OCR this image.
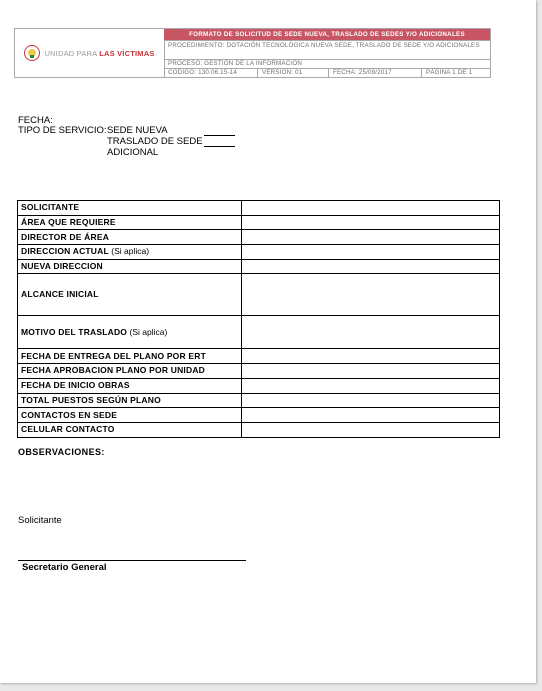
UNIDAD PARA LAS VÍCTIMAS
FORMATO DE SOLICITUD DE SEDE NUEVA, TRASLADO DE SEDES Y/O ADICIONALES
PROCEDIMIENTO: DOTACIÓN TECNOLÓGICA NUEVA SEDE, TRASLADO DE SEDE Y/O ADICIONALES
PROCESO: GESTIÓN DE LA INFORMACIÓN
CÓDIGO: 130.06.15-14	VERSIÓN: 01	FECHA: 25/09/2017	PÁGINA 1 DE 1
FECHA:
TIPO DE SERVICIO: SEDE NUEVA
TRASLADO DE SEDE
ADICIONAL
SOLICITANTE	
ÁREA QUE REQUIERE	
DIRECTOR DE ÁREA	
DIRECCION ACTUAL (Si aplica)	
NUEVA DIRECCION	
ALCANCE INICIAL	
MOTIVO DEL TRASLADO (Si aplica)	
FECHA DE ENTREGA DEL PLANO POR ERT	
FECHA APROBACION PLANO POR UNIDAD	
FECHA DE INICIO OBRAS	
TOTAL PUESTOS SEGÚN PLANO	
CONTACTOS EN SEDE	
CELULAR CONTACTO	
OBSERVACIONES:
Solicitante
Secretario General
